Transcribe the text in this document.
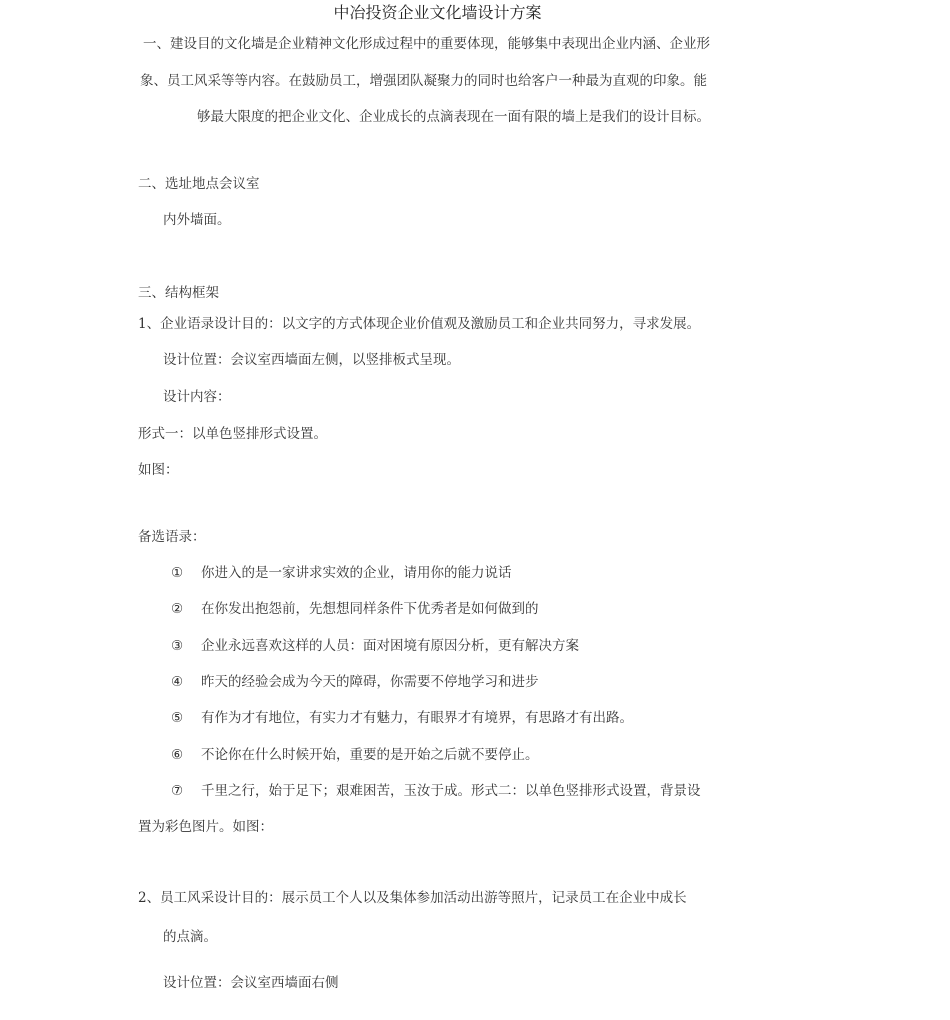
中冶投资企业文化墙设计方案
一、建设目的文化墙是企业精神文化形成过程中的重要体现，能够集中表现出企业内涵、企业形
象、员工风采等等内容。在鼓励员工，增强团队凝聚力的同时也给客户一种最为直观的印象。能
够最大限度的把企业文化、企业成长的点滴表现在一面有限的墙上是我们的设计目标。
二、选址地点会议室
内外墙面。
三、结构框架
1、企业语录设计目的：以文字的方式体现企业价值观及激励员工和企业共同努力，寻求发展。
设计位置：会议室西墙面左侧，以竖排板式呈现。
设计内容：
形式一：以单色竖排形式设置。
如图：
备选语录：
① 你进入的是一家讲求实效的企业，请用你的能力说话
② 在你发出抱怨前，先想想同样条件下优秀者是如何做到的
③ 企业永远喜欢这样的人员：面对困境有原因分析，更有解决方案
④ 昨天的经验会成为今天的障碍，你需要不停地学习和进步
⑤ 有作为才有地位，有实力才有魅力，有眼界才有境界，有思路才有出路。
⑥ 不论你在什么时候开始，重要的是开始之后就不要停止。
⑦ 千里之行，始于足下；艰难困苦，玉汝于成。形式二：以单色竖排形式设置，背景设
置为彩色图片。如图：
2、员工风采设计目的：展示员工个人以及集体参加活动出游等照片，记录员工在企业中成长
的点滴。
设计位置：会议室西墙面右侧
